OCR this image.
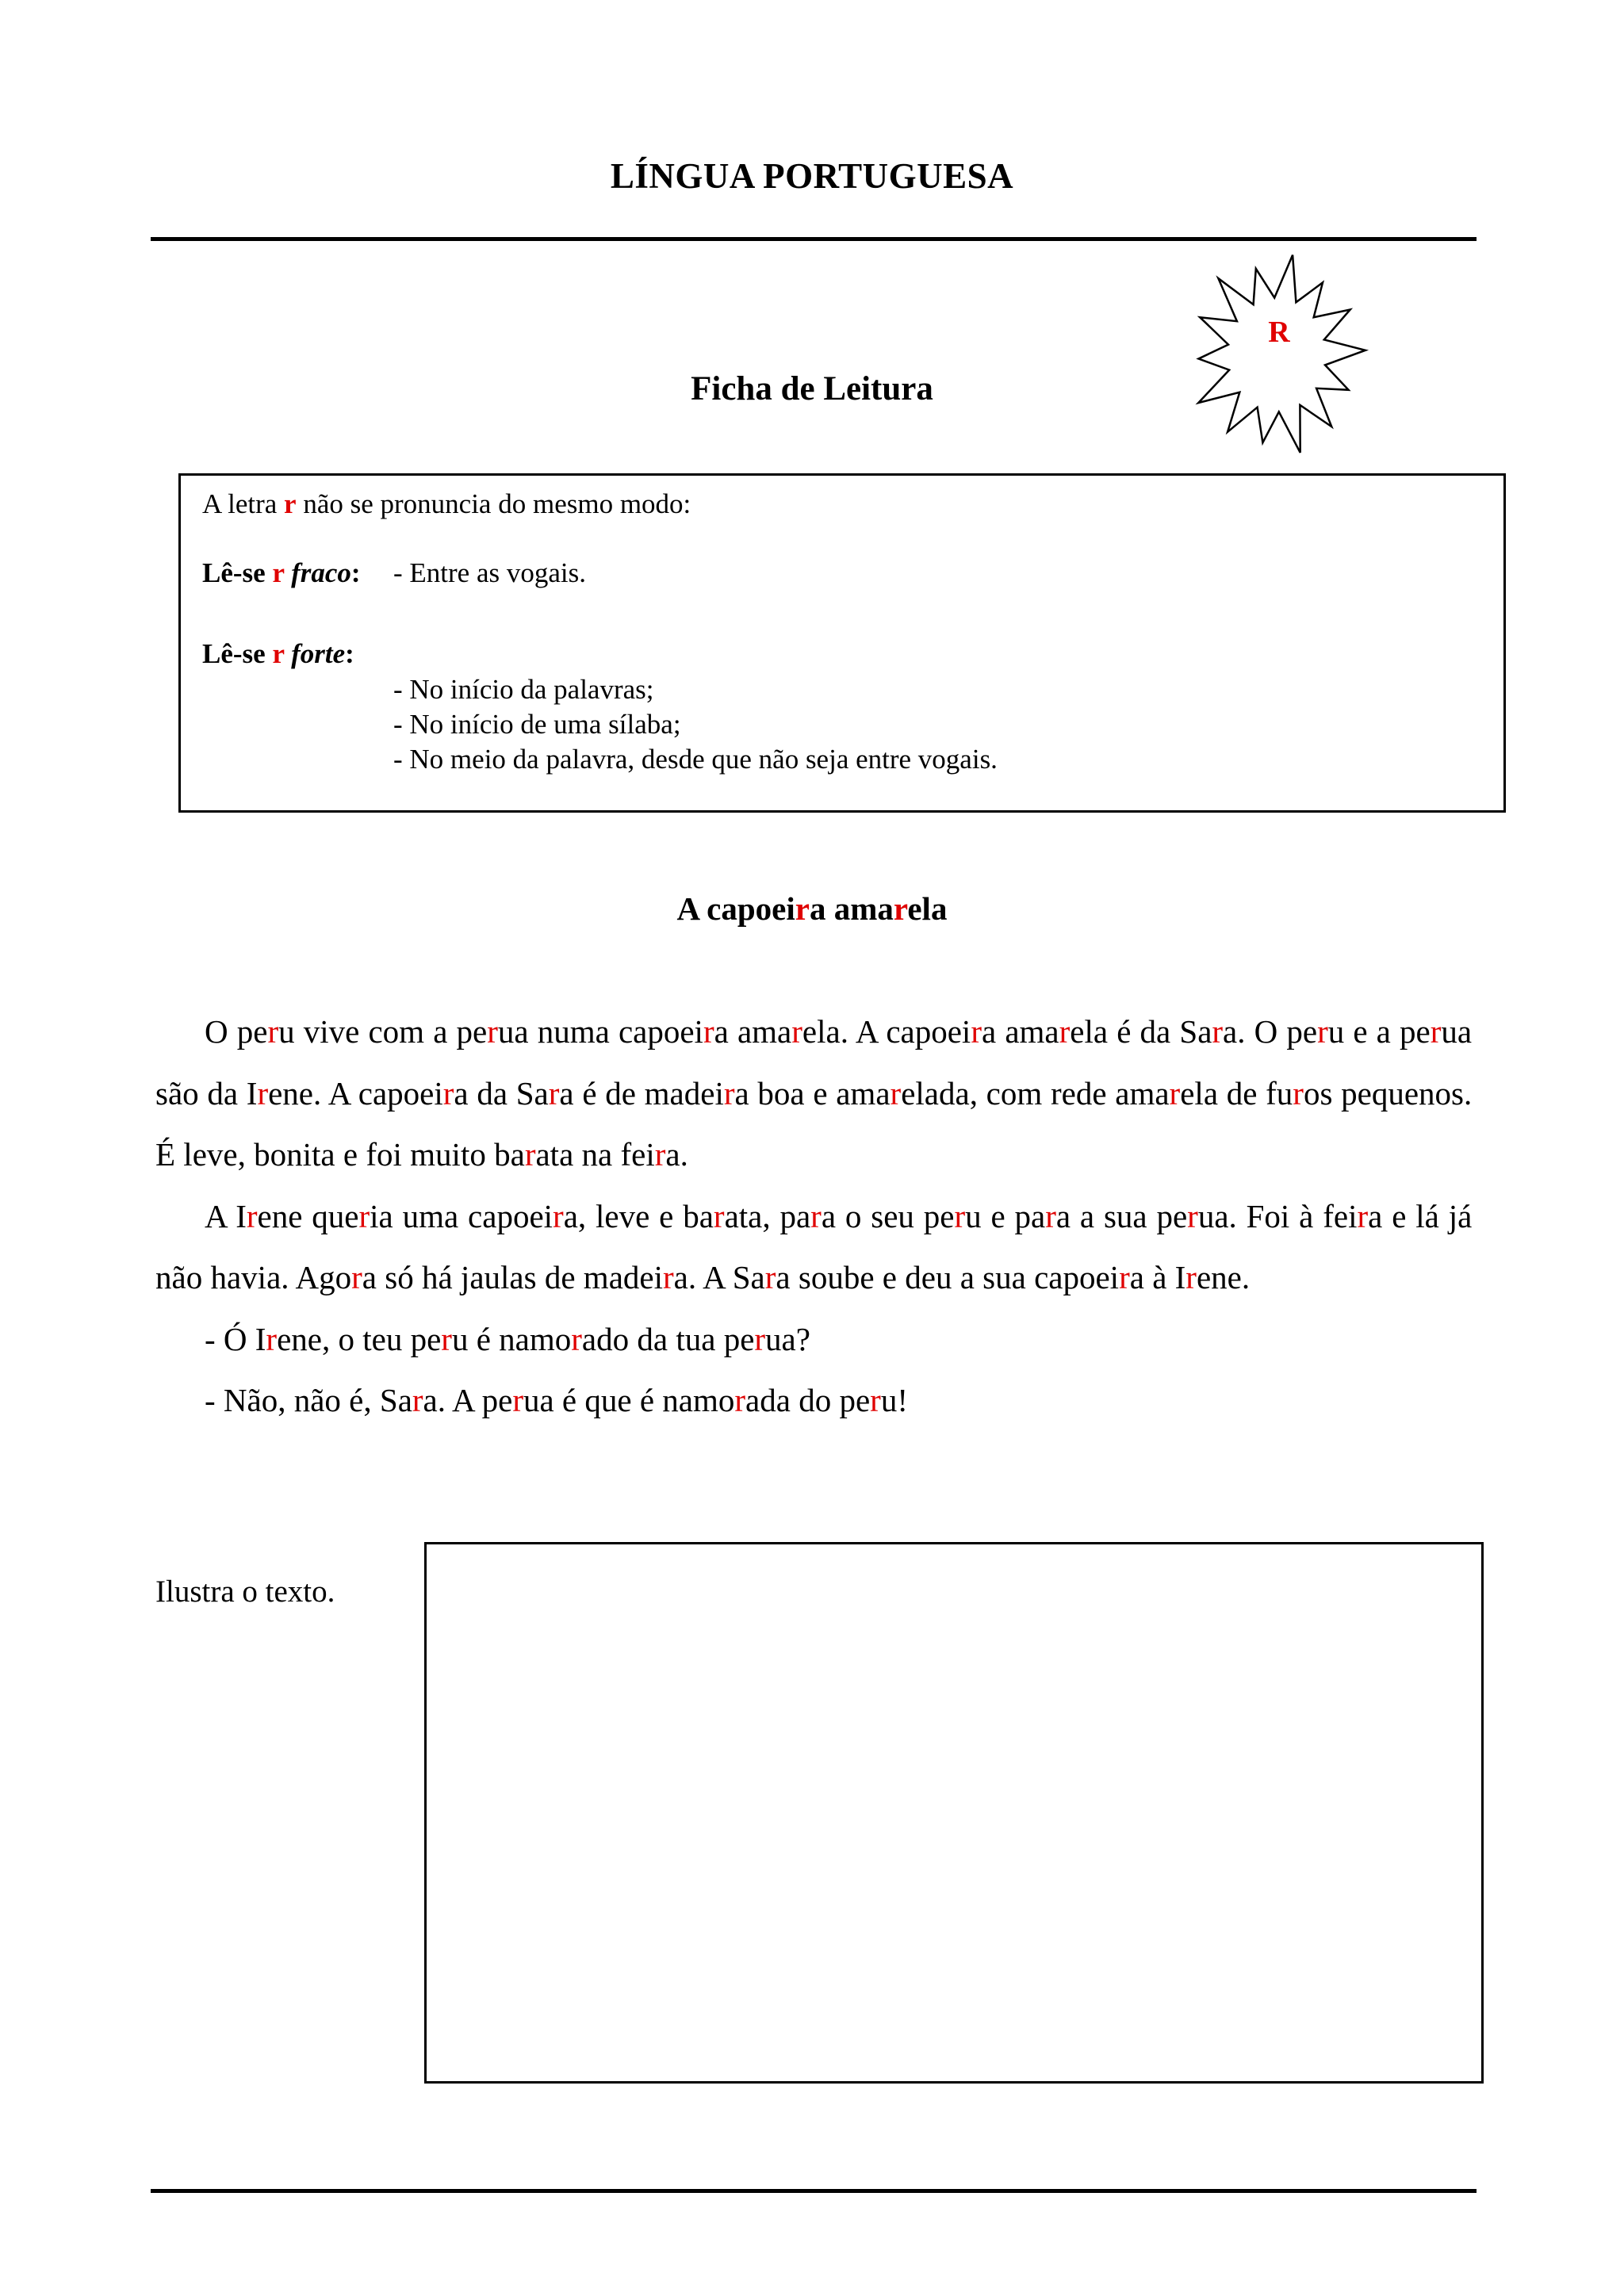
LÍNGUA PORTUGUESA
R
Ficha de Leitura
A letra r não se pronuncia do mesmo modo:
Lê-se r fraco: - Entre as vogais.
Lê-se r forte:
- No início da palavras;
- No início de uma sílaba;
- No meio da palavra, desde que não seja entre vogais.
A capoeira amarela

O peru vive com a perua numa capoeira amarela. A capoeira amarela é da Sara. O peru e a perua são da Irene. A capoeira da Sara é de madeira boa e amarelada, com rede amarela de furos pequenos. É leve, bonita e foi muito barata na feira.

A Irene queria uma capoeira, leve e barata, para o seu peru e para a sua perua. Foi à feira e lá já não havia. Agora só há jaulas de madeira. A Sara soube e deu a sua capoeira à Irene.

- Ó Irene, o teu peru é namorado da tua perua?

- Não, não é, Sara. A perua é que é namorada do peru!

Ilustra o texto.
